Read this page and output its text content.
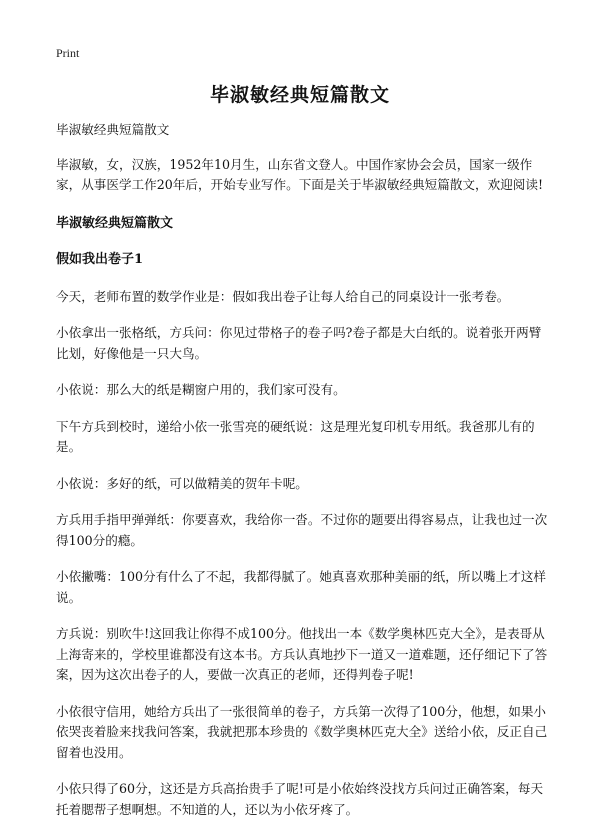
Print
毕淑敏经典短篇散文

毕淑敏经典短篇散文

毕淑敏，女，汉族，1952年10月生，山东省文登人。中国作家协会会员，国家一级作家，从事医学工作20年后，开始专业写作。下面是关于毕淑敏经典短篇散文，欢迎阅读!

毕淑敏经典短篇散文

假如我出卷子1

今天，老师布置的数学作业是：假如我出卷子让每人给自己的同桌设计一张考卷。

小依拿出一张格纸，方兵问：你见过带格子的卷子吗?卷子都是大白纸的。说着张开两臂比划，好像他是一只大鸟。

小依说：那么大的纸是糊窗户用的，我们家可没有。

下午方兵到校时，递给小依一张雪亮的硬纸说：这是理光复印机专用纸。我爸那儿有的是。

小依说：多好的纸，可以做精美的贺年卡呢。

方兵用手指甲弹弹纸：你要喜欢，我给你一沓。不过你的题要出得容易点，让我也过一次得100分的瘾。

小依撇嘴：100分有什么了不起，我都得腻了。她真喜欢那种美丽的纸，所以嘴上才这样说。

方兵说：别吹牛!这回我让你得不成100分。他找出一本《数学奥林匹克大全》，是表哥从上海寄来的，学校里谁都没有这本书。方兵认真地抄下一道又一道难题，还仔细记下了答案，因为这次出卷子的人，要做一次真正的老师，还得判卷子呢!

小依很守信用，她给方兵出了一张很简单的卷子，方兵第一次得了100分，他想，如果小依哭丧着脸来找我问答案，我就把那本珍贵的《数学奥林匹克大全》送给小依，反正自己留着也没用。

小依只得了60分，这还是方兵高抬贵手了呢!可是小依始终没找方兵问过正确答案，每天托着腮帮子想啊想。不知道的人，还以为小依牙疼了。
